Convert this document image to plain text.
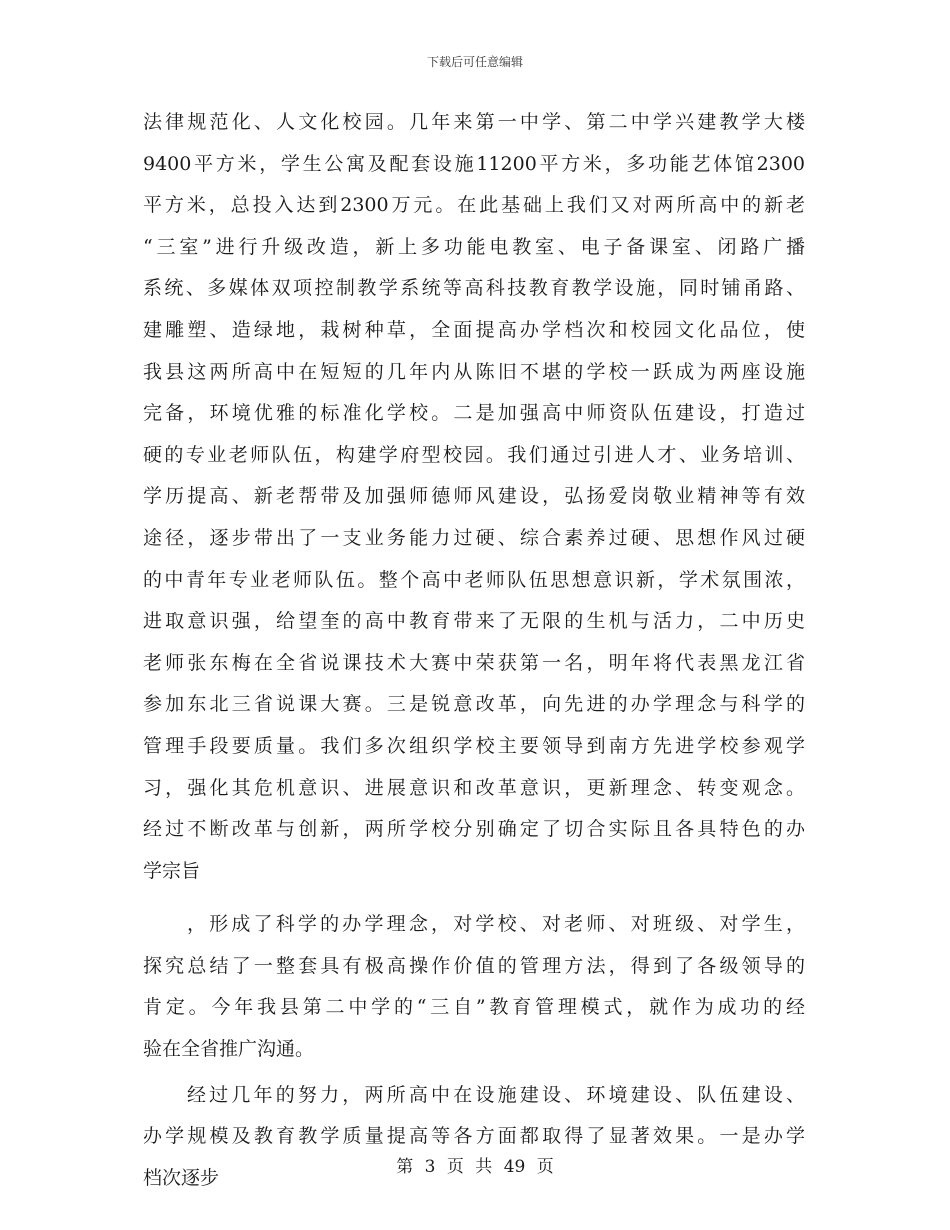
下载后可任意编辑

法律规范化、人文化校园。几年来第一中学、第二中学兴建教学大楼
9400平方米，学生公寓及配套设施11200平方米，多功能艺体馆2300
平方米，总投入达到2300万元。在此基础上我们又对两所高中的新老
“三室”进行升级改造，新上多功能电教室、电子备课室、闭路广播
系统、多媒体双项控制教学系统等高科技教育教学设施，同时铺甬路、
建雕塑、造绿地，栽树种草，全面提高办学档次和校园文化品位，使
我县这两所高中在短短的几年内从陈旧不堪的学校一跃成为两座设施
完备，环境优雅的标准化学校。二是加强高中师资队伍建设，打造过
硬的专业老师队伍，构建学府型校园。我们通过引进人才、业务培训、
学历提高、新老帮带及加强师德师风建设，弘扬爱岗敬业精神等有效
途径，逐步带出了一支业务能力过硬、综合素养过硬、思想作风过硬
的中青年专业老师队伍。整个高中老师队伍思想意识新，学术氛围浓，
进取意识强，给望奎的高中教育带来了无限的生机与活力，二中历史
老师张东梅在全省说课技术大赛中荣获第一名，明年将代表黑龙江省
参加东北三省说课大赛。三是锐意改革，向先进的办学理念与科学的
管理手段要质量。我们多次组织学校主要领导到南方先进学校参观学
习，强化其危机意识、进展意识和改革意识，更新理念、转变观念。
经过不断改革与创新，两所学校分别确定了切合实际且各具特色的办
学宗旨

，形成了科学的办学理念，对学校、对老师、对班级、对学生，
探究总结了一整套具有极高操作价值的管理方法，得到了各级领导的
肯定。今年我县第二中学的“三自”教育管理模式，就作为成功的经
验在全省推广沟通。

经过几年的努力，两所高中在设施建设、环境建设、队伍建设、
办学规模及教育教学质量提高等各方面都取得了显著效果。一是办学
档次逐步	第 3 页 共 49 页
